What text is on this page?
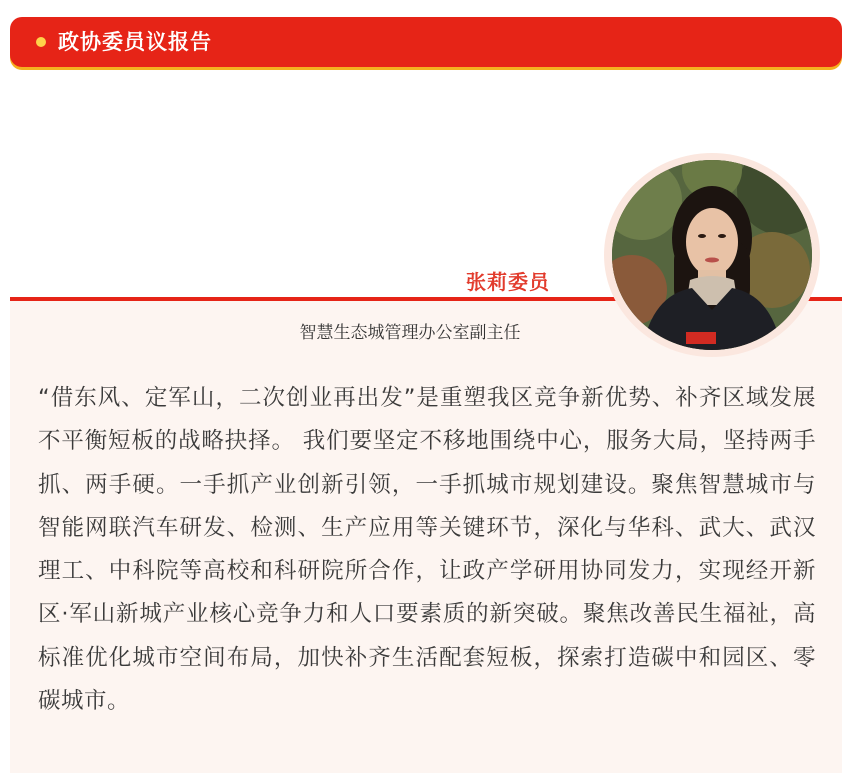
政协委员议报告
张莉委员
智慧生态城管理办公室副主任

“借东风、定军山，二次创业再出发”是重塑我区竞争新优势、补齐区域发展不平衡短板的战略抉择。 我们要坚定不移地围绕中心，服务大局，坚持两手抓、两手硬。一手抓产业创新引领，一手抓城市规划建设。聚焦智慧城市与智能网联汽车研发、检测、生产应用等关键环节，深化与华科、武大、武汉理工、中科院等高校和科研院所合作，让政产学研用协同发力，实现经开新区·军山新城产业核心竞争力和人口要素质的新突破。聚焦改善民生福祉，高标准优化城市空间布局，加快补齐生活配套短板，探索打造碳中和园区、零碳城市。
